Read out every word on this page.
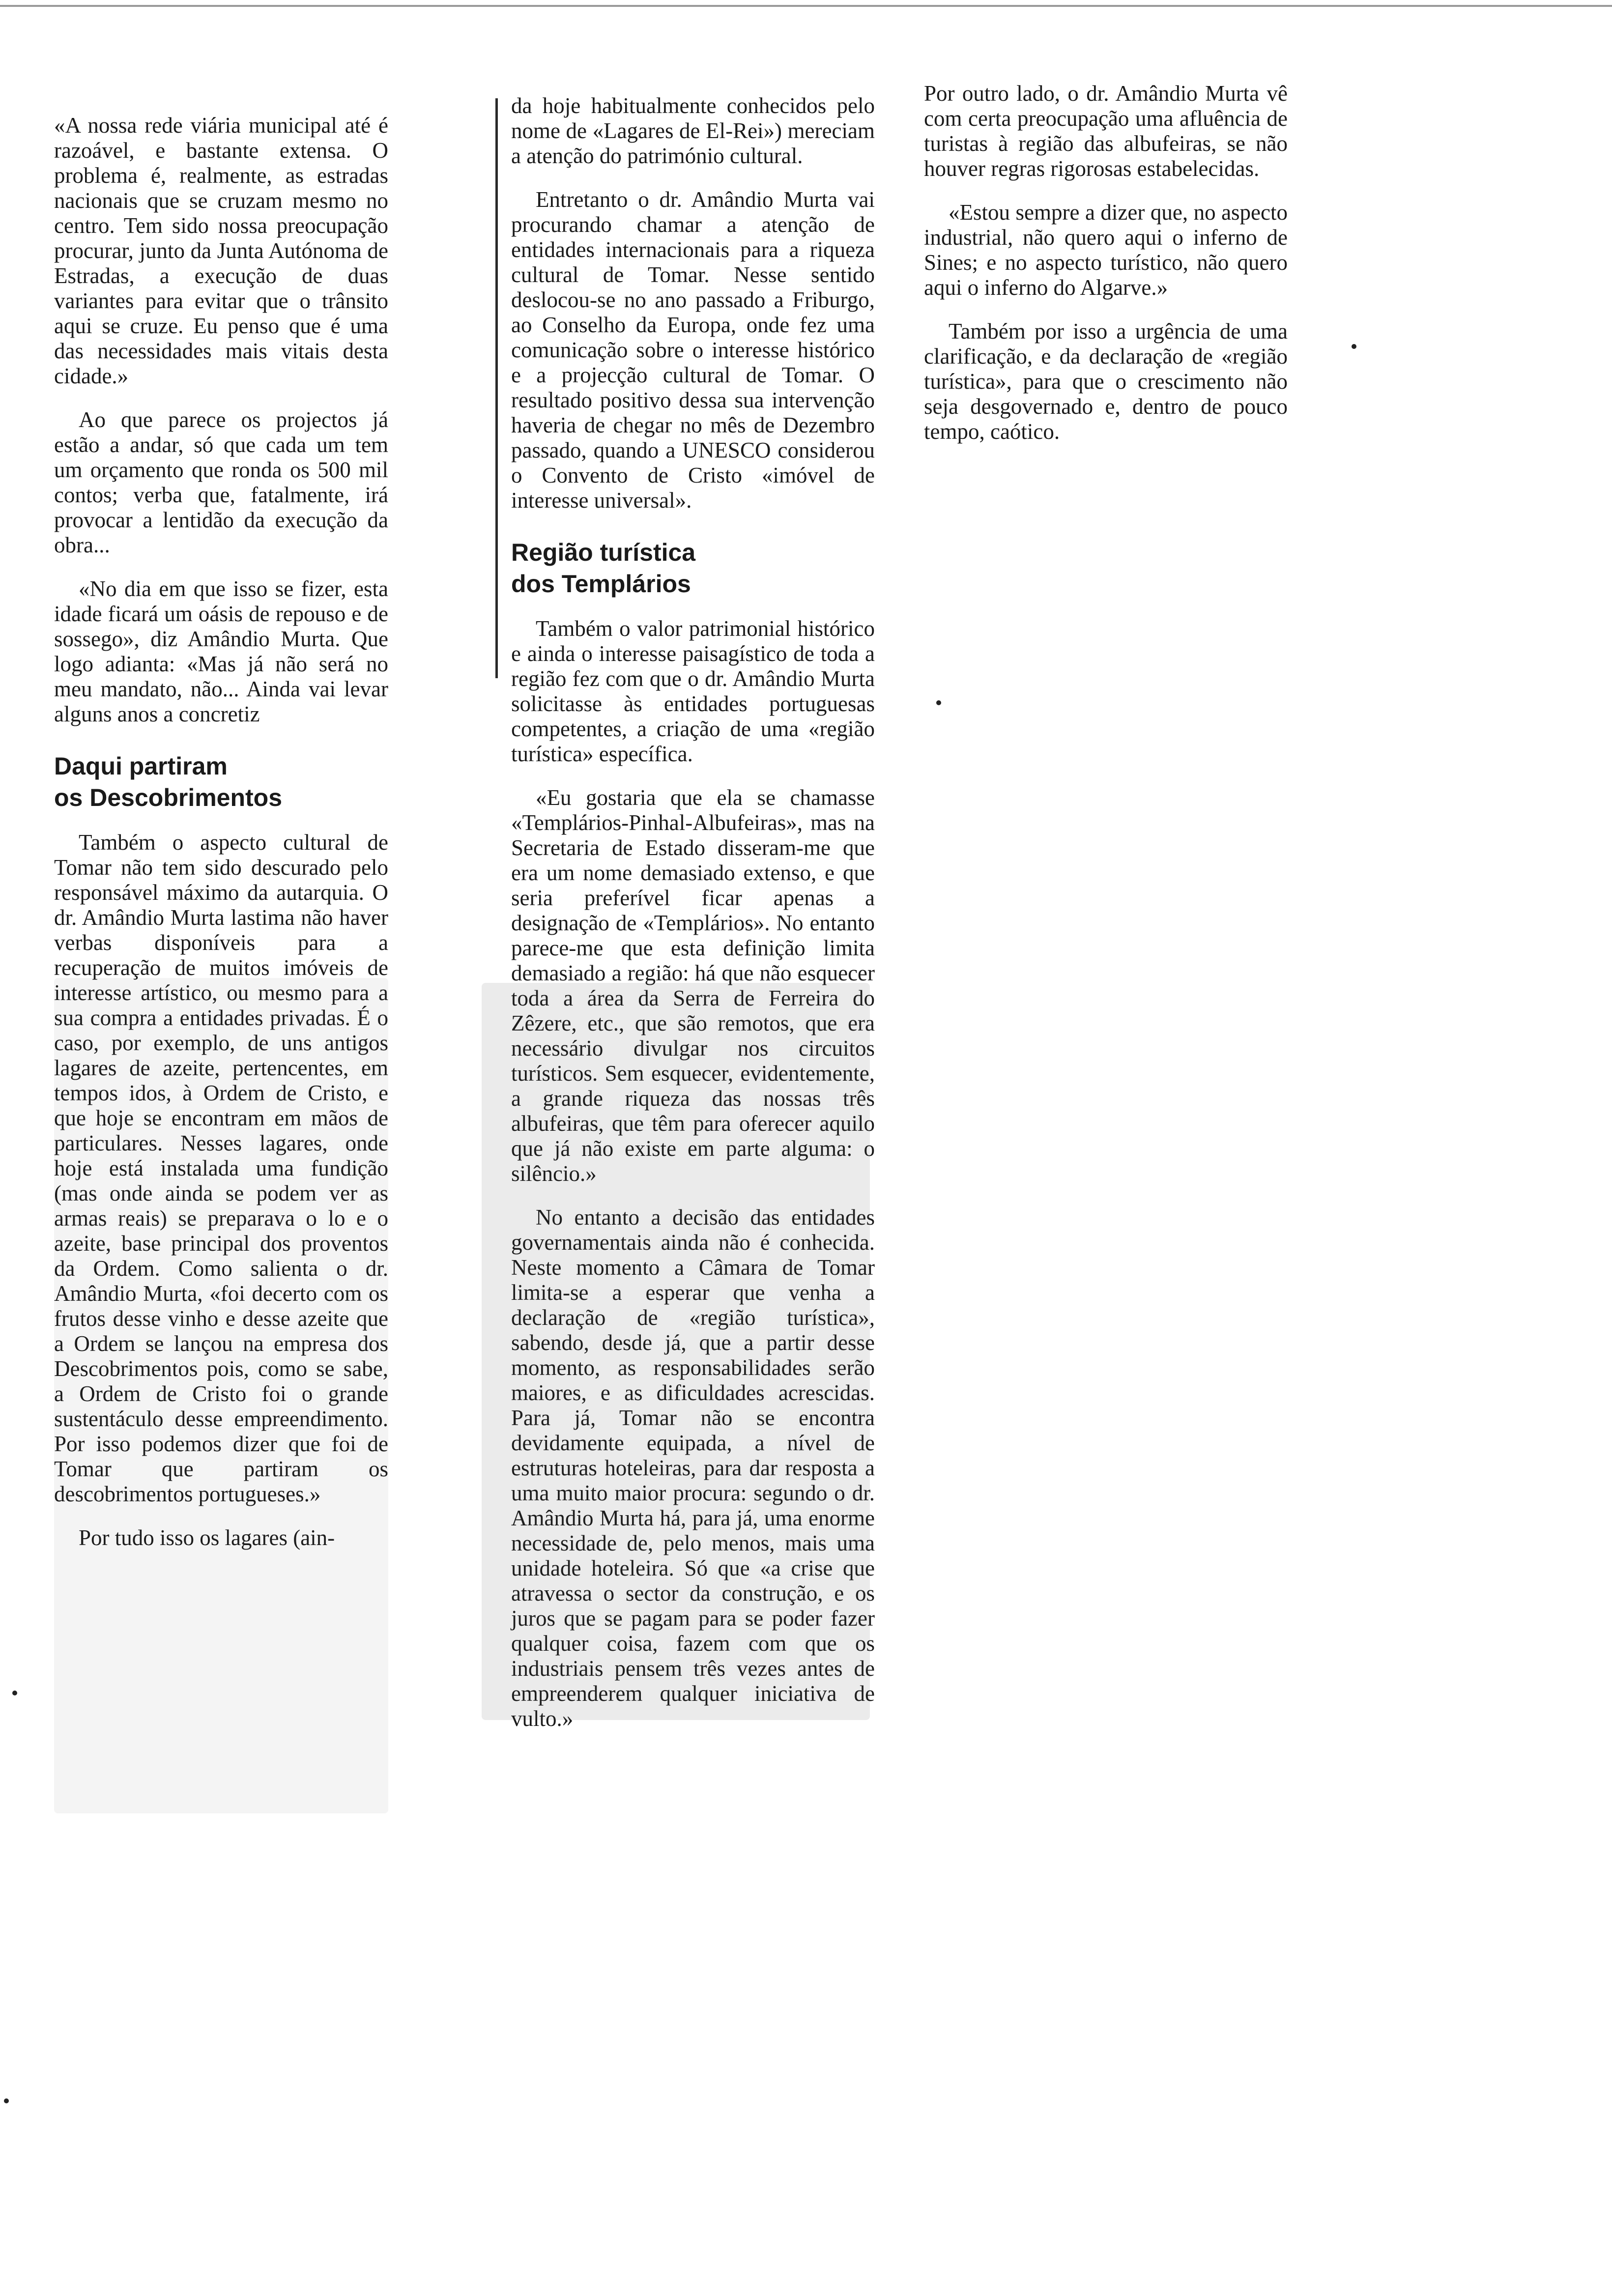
«A nossa rede viária municipal até é razoável, e bastante extensa. O problema é, realmente, as estradas nacionais que se cruzam mesmo no centro. Tem sido nossa preocupação procurar, junto da Junta Autónoma de Estradas, a execução de duas variantes para evitar que o trânsito aqui se cruze. Eu penso que é uma das necessidades mais vitais desta cidade.»

Ao que parece os projectos já estão a andar, só que cada um tem um orçamento que ronda os 500 mil contos; verba que, fatalmente, irá provocar a lentidão da execução da obra...

«No dia em que isso se fizer, esta idade ficará um oásis de repouso e de sossego», diz Amândio Murta. Que logo adianta: «Mas já não será no meu mandato, não... Ainda vai levar alguns anos a concretiz

Daqui partiram
os Descobrimentos

Também o aspecto cultural de Tomar não tem sido descurado pelo responsável máximo da autarquia. O dr. Amândio Murta lastima não haver verbas disponíveis para a recuperação de muitos imóveis de interesse artístico, ou mesmo para a sua compra a entidades privadas. É o caso, por exemplo, de uns antigos lagares de azeite, pertencentes, em tempos idos, à Ordem de Cristo, e que hoje se encontram em mãos de particulares. Nesses lagares, onde hoje está instalada uma fundição (mas onde ainda se podem ver as armas reais) se preparava o lo e o azeite, base principal dos proventos da Ordem. Como salienta o dr. Amândio Murta, «foi decerto com os frutos desse vinho e desse azeite que a Ordem se lançou na empresa dos Descobrimentos pois, como se sabe, a Ordem de Cristo foi o grande sustentáculo desse empreendimento. Por isso podemos dizer que foi de Tomar que partiram os descobrimentos portugueses.»

Por tudo isso os lagares (ain-

da hoje habitualmente conhecidos pelo nome de «Lagares de El-Rei») mereciam a atenção do património cultural.

Entretanto o dr. Amândio Murta vai procurando chamar a atenção de entidades internacionais para a riqueza cultural de Tomar. Nesse sentido deslocou-se no ano passado a Friburgo, ao Conselho da Europa, onde fez uma comunicação sobre o interesse histórico e a projecção cultural de Tomar. O resultado positivo dessa sua intervenção haveria de chegar no mês de Dezembro passado, quando a UNESCO considerou o Convento de Cristo «imóvel de interesse universal».

Região turística
dos Templários

Também o valor patrimonial histórico e ainda o interesse paisagístico de toda a região fez com que o dr. Amândio Murta solicitasse às entidades portuguesas competentes, a criação de uma «região turística» específica.

«Eu gostaria que ela se chamasse «Templários-Pinhal-Albufeiras», mas na Secretaria de Estado disseram-me que era um nome demasiado extenso, e que seria preferível ficar apenas a designação de «Templários». No entanto parece-me que esta definição limita demasiado a região: há que não esquecer toda a área da Serra de Ferreira do Zêzere, etc., que são remotos, que era necessário divulgar nos circuitos turísticos. Sem esquecer, evidentemente, a grande riqueza das nossas três albufeiras, que têm para oferecer aquilo que já não existe em parte alguma: o silêncio.»

No entanto a decisão das entidades governamentais ainda não é conhecida. Neste momento a Câmara de Tomar limita-se a esperar que venha a declaração de «região turística», sabendo, desde já, que a partir desse momento, as responsabilidades serão maiores, e as dificuldades acrescidas. Para já, Tomar não se encontra devidamente equipada, a nível de estruturas hoteleiras, para dar resposta a uma muito maior procura: segundo o dr. Amândio Murta há, para já, uma enorme necessidade de, pelo menos, mais uma unidade hoteleira. Só que «a crise que atravessa o sector da construção, e os juros que se pagam para se poder fazer qualquer coisa, fazem com que os industriais pensem três vezes antes de empreenderem qualquer iniciativa de vulto.»

Por outro lado, o dr. Amândio Murta vê com certa preocupação uma afluência de turistas à região das albufeiras, se não houver regras rigorosas estabelecidas.

«Estou sempre a dizer que, no aspecto industrial, não quero aqui o inferno de Sines; e no aspecto turístico, não quero aqui o inferno do Algarve.»

Também por isso a urgência de uma clarificação, e da declaração de «região turística», para que o crescimento não seja desgovernado e, dentro de pouco tempo, caótico.
